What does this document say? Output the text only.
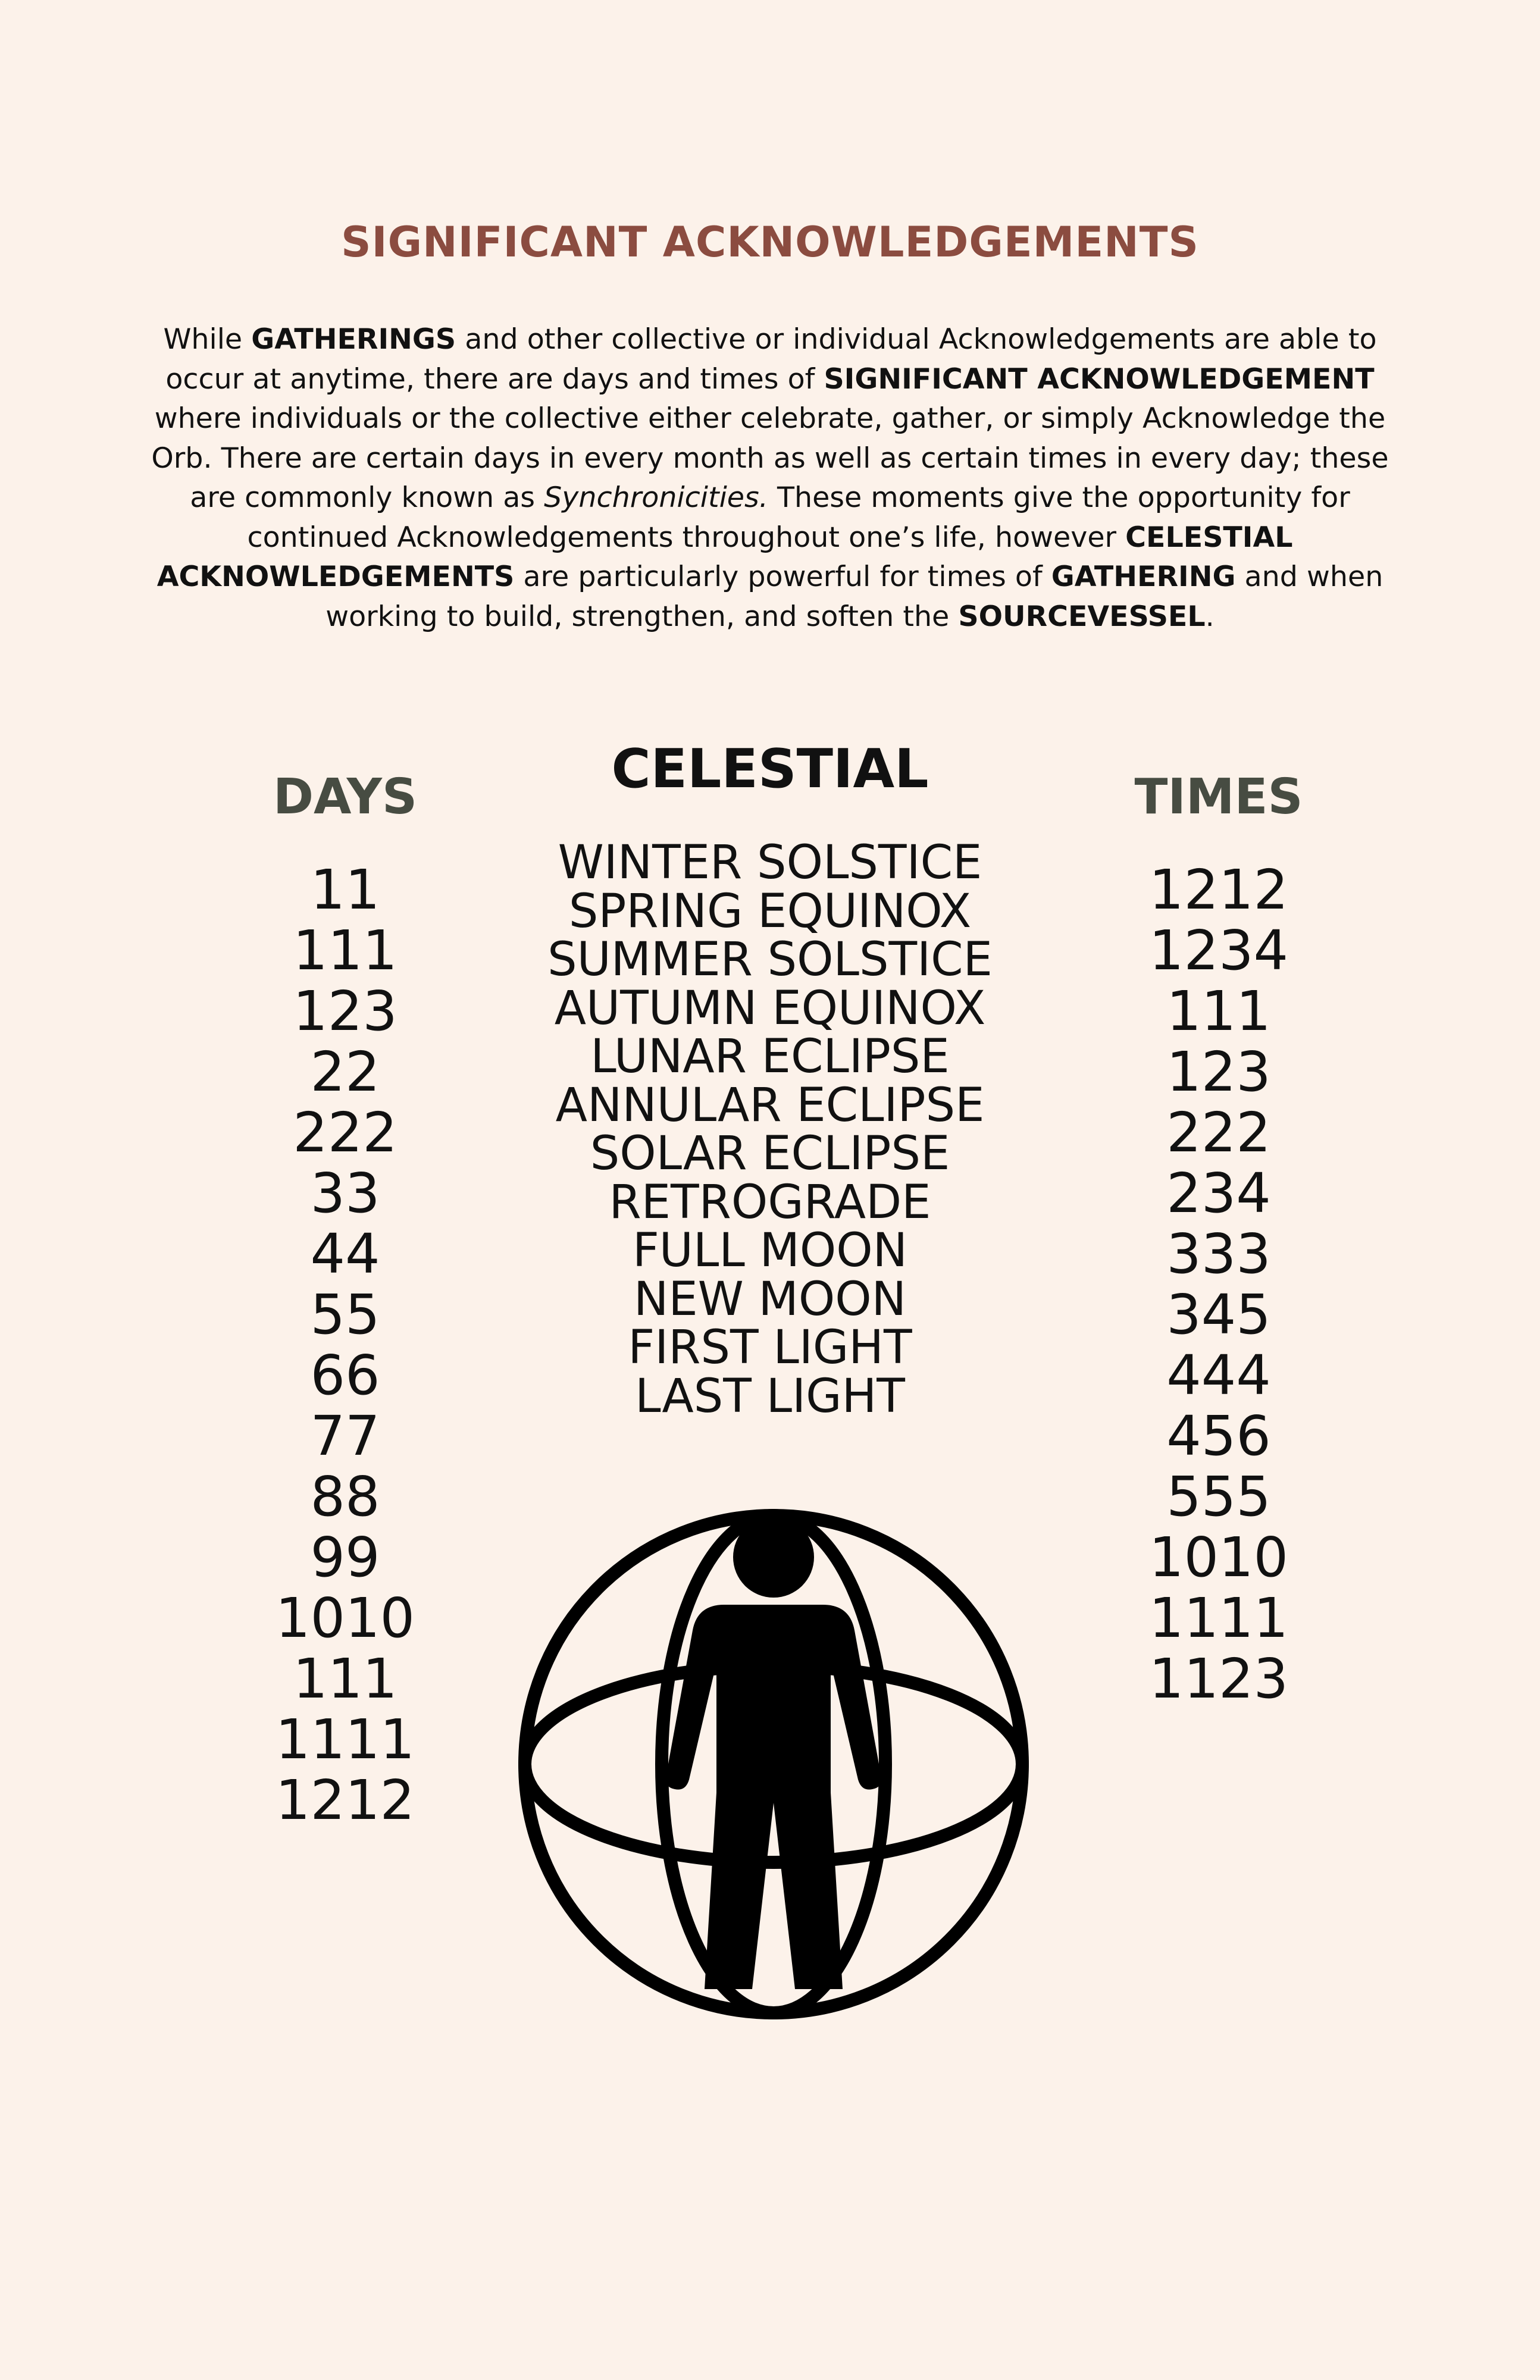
SIGNIFICANT ACKNOWLEDGEMENTS

While GATHERINGS and other collective or individual Acknowledgements are able to occur at anytime, there are days and times of SIGNIFICANT ACKNOWLEDGEMENT where individuals or the collective either celebrate, gather, or simply Acknowledge the Orb. There are certain days in every month as well as certain times in every day; these are commonly known as Synchronicities. These moments give the opportunity for continued Acknowledgements throughout one’s life, however CELESTIAL ACKNOWLEDGEMENTS are particularly powerful for times of GATHERING and when working to build, strengthen, and soften the SOURCEVESSEL.

DAYS	CELESTIAL	TIMES
11
111
123
22
222
33
44
55
66
77
88
99
1010
111
1111
1212
WINTER SOLSTICE
SPRING EQUINOX
SUMMER SOLSTICE
AUTUMN EQUINOX
LUNAR ECLIPSE
ANNULAR ECLIPSE
SOLAR ECLIPSE
RETROGRADE
FULL MOON
NEW MOON
FIRST LIGHT
LAST LIGHT
1212
1234
111
123
222
234
333
345
444
456
555
1010
1111
1123
